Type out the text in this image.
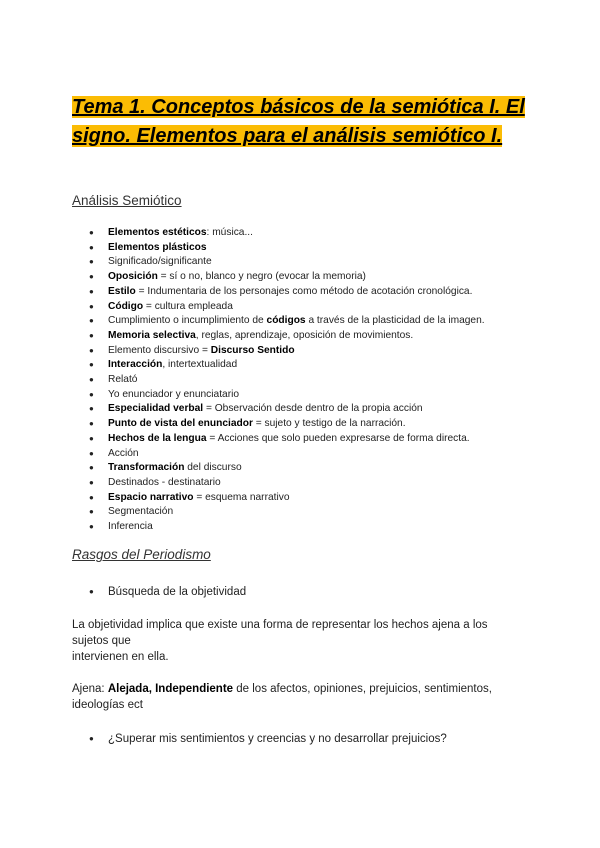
Tema 1. Conceptos básicos de la semiótica I. El signo. Elementos para el análisis semiótico I.
Análisis Semiótico
● Elementos estéticos: música...
● Elementos plásticos
● Significado/significante
● Oposición = sí o no, blanco y negro (evocar la memoria)
● Estilo = Indumentaria de los personajes como método de acotación cronológica.
● Código = cultura empleada
● Cumplimiento o incumplimiento de códigos a través de la plasticidad de la imagen.
● Memoria selectiva, reglas, aprendizaje, oposición de movimientos.
● Elemento discursivo = Discurso Sentido
● Interacción, intertextualidad
● Relató
● Yo enunciador y enunciatario
● Especialidad verbal = Observación desde dentro de la propia acción
● Punto de vista del enunciador = sujeto y testigo de la narración.
● Hechos de la lengua = Acciones que solo pueden expresarse de forma directa.
● Acción
● Transformación del discurso
● Destinados - destinatario
● Espacio narrativo = esquema narrativo
● Segmentación
● Inferencia
Rasgos del Periodismo
● Búsqueda de la objetividad

La objetividad implica que existe una forma de representar los hechos ajena a los sujetos que
intervienen en ella.

Ajena: Alejada, Independiente de los afectos, opiniones, prejuicios, sentimientos, ideologías ect

● ¿Superar mis sentimientos y creencias y no desarrollar prejuicios?
